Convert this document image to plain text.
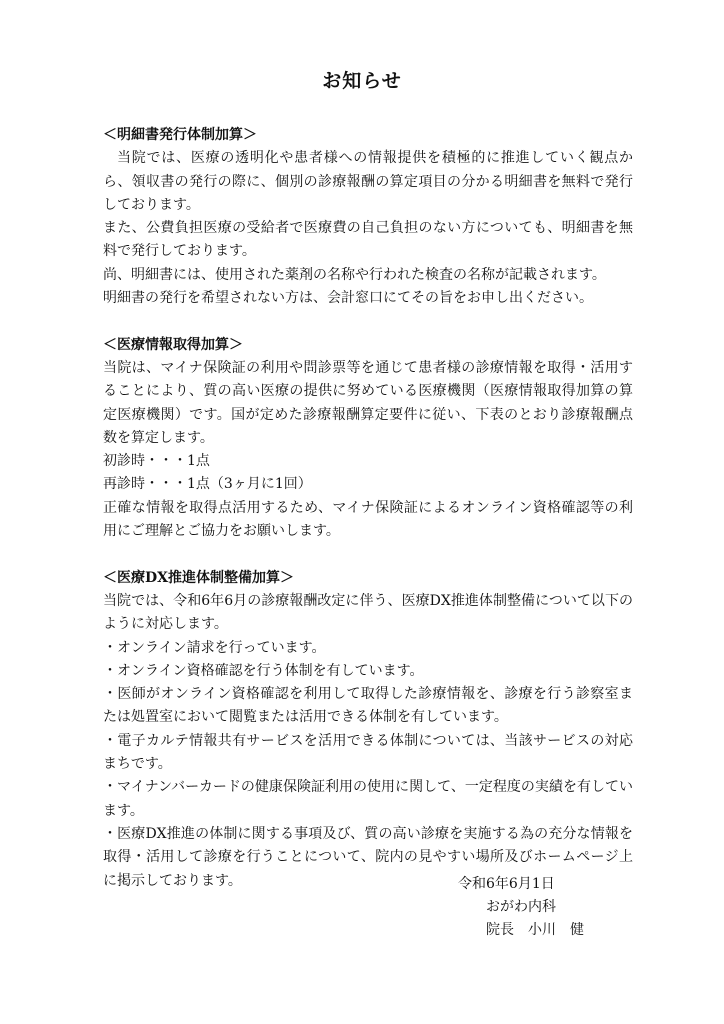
お知らせ
＜明細書発行体制加算＞

当院では、医療の透明化や患者様への情報提供を積極的に推進していく観点から、領収書の発行の際に、個別の診療報酬の算定項目の分かる明細書を無料で発行しております。

また、公費負担医療の受給者で医療費の自己負担のない方についても、明細書を無料で発行しております。

尚、明細書には、使用された薬剤の名称や行われた検査の名称が記載されます。

明細書の発行を希望されない方は、会計窓口にてその旨をお申し出ください。

＜医療情報取得加算＞

当院は、マイナ保険証の利用や問診票等を通じて患者様の診療情報を取得・活用することにより、質の高い医療の提供に努めている医療機関（医療情報取得加算の算定医療機関）です。国が定めた診療報酬算定要件に従い、下表のとおり診療報酬点数を算定します。

初診時・・・1点

再診時・・・1点（3ヶ月に1回）

正確な情報を取得点活用するため、マイナ保険証によるオンライン資格確認等の利用にご理解とご協力をお願いします。

＜医療DX推進体制整備加算＞

当院では、令和6年6月の診療報酬改定に伴う、医療DX推進体制整備について以下のように対応します。

・オンライン請求を行っています。

・オンライン資格確認を行う体制を有しています。

・医師がオンライン資格確認を利用して取得した診療情報を、診療を行う診察室または処置室において閲覧または活用できる体制を有しています。

・電子カルテ情報共有サービスを活用できる体制については、当該サービスの対応まちです。

・マイナンバーカードの健康保険証利用の使用に関して、一定程度の実績を有しています。

・医療DX推進の体制に関する事項及び、質の高い診療を実施する為の充分な情報を取得・活用して診療を行うことについて、院内の見やすい場所及びホームページ上に掲示しております。	令和6年6月1日
おがわ内科
院長　小川　健
